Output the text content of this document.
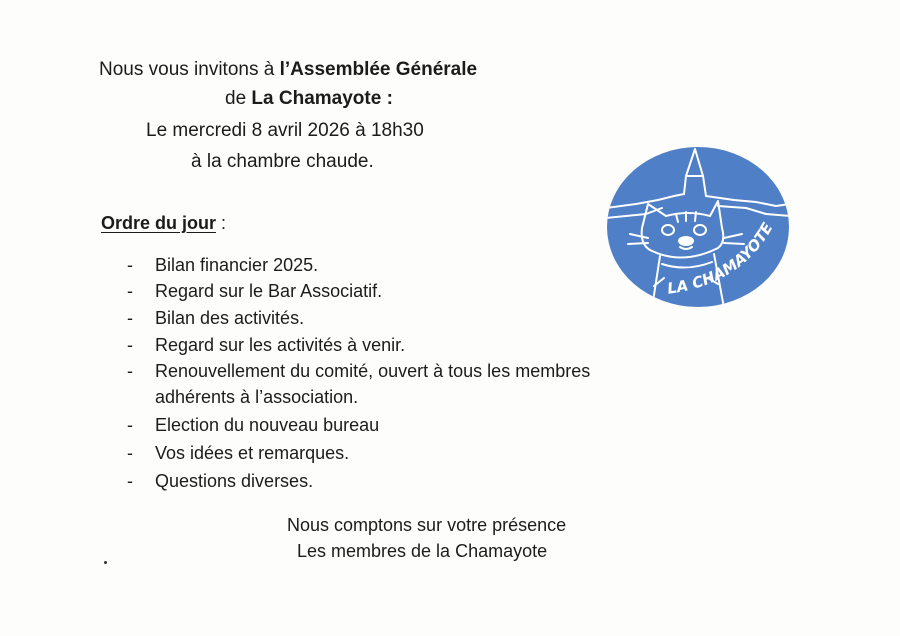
Nous vous invitons à l’Assemblée Générale
de La Chamayote :
Le mercredi 8 avril 2026 à 18h30
à la chambre chaude.
Ordre du jour :
- Bilan financier 2025.
- Regard sur le Bar Associatif.
- Bilan des activités.
- Regard sur les activités à venir.
- Renouvellement du comité, ouvert à tous les membres
adhérents à l’association.
- Election du nouveau bureau
- Vos idées et remarques.
- Questions diverses.
Nous comptons sur votre présence
Les membres de la Chamayote
LA CHAMAYOTE
